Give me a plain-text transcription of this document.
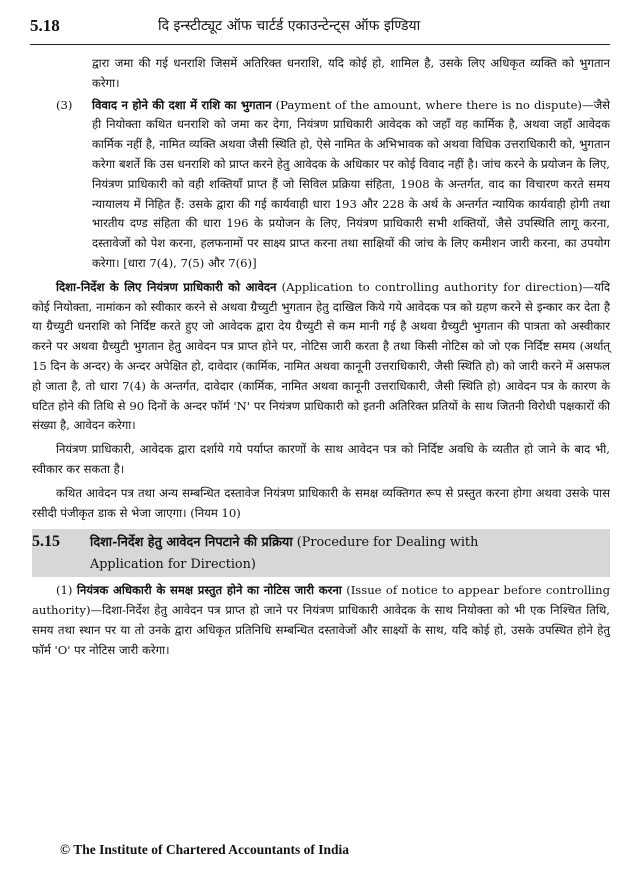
5.18	दि इन्स्टीट्यूट ऑफ चार्टर्ड एकाउन्टेन्ट्स ऑफ इण्डिया

द्वारा जमा की गई धनराशि जिसमें अतिरिक्त धनराशि, यदि कोई हो, शामिल है, उसके लिए अधिकृत व्यक्ति को भुगतान करेगा।

(3) विवाद न होने की दशा में राशि का भुगतान (Payment of the amount, where there is no dispute)—जैसे ही नियोक्ता कथित धनराशि को जमा कर देगा, नियंत्रण प्राधिकारी आवेदक को जहाँ वह कार्मिक है, अथवा जहाँ आवेदक कार्मिक नहीं है, नामित व्यक्ति अथवा जैसी स्थिति हो, ऐसे नामित के अभिभावक को अथवा विधिक उत्तराधिकारी को, भुगतान करेगा बशर्ते कि उस धनराशि को प्राप्त करने हेतु आवेदक के अधिकार पर कोई विवाद नहीं है। जांच करने के प्रयोजन के लिए, नियंत्रण प्राधिकारी को वही शक्तियाँ प्राप्त हैं जो सिविल प्रक्रिया संहिता, 1908 के अन्तर्गत, वाद का विचारण करते समय न्यायालय में निहित हैं: उसके द्वारा की गई कार्यवाही धारा 193 और 228 के अर्थ के अन्तर्गत न्यायिक कार्यवाही होगी तथा भारतीय दण्ड संहिता की धारा 196 के प्रयोजन के लिए, नियंत्रण प्राधिकारी सभी शक्तियों, जैसे उपस्थिति लागू करना, दस्तावेजों को पेश करना, हलफनामों पर साक्ष्य प्राप्त करना तथा साक्षियों की जांच के लिए कमीशन जारी करना, का उपयोग करेगा। [धारा 7(4), 7(5) और 7(6)]

दिशा-निर्देश के लिए नियंत्रण प्राधिकारी को आवेदन (Application to controlling authority for direction)—यदि कोई नियोक्ता, नामांकन को स्वीकार करने से अथवा ग्रैच्युटी भुगतान हेतु दाखिल किये गये आवेदक पत्र को ग्रहण करने से इन्कार कर देता है या ग्रैच्युटी धनराशि को निर्दिष्ट करते हुए जो आवेदक द्वारा देय ग्रैच्युटी से कम मानी गई है अथवा ग्रैच्युटी भुगतान की पात्रता को अस्वीकार करने पर अथवा ग्रैच्युटी भुगतान हेतु आवेदन पत्र प्राप्त होने पर, नोटिस जारी करता है तथा किसी नोटिस को जो एक निर्दिष्ट समय (अर्थात् 15 दिन के अन्दर) के अन्दर अपेक्षित हो, दावेदार (कार्मिक, नामित अथवा कानूनी उत्तराधिकारी, जैसी स्थिति हो) को जारी करने में असफल हो जाता है, तो धारा 7(4) के अन्तर्गत, दावेदार (कार्मिक, नामित अथवा कानूनी उत्तराधिकारी, जैसी स्थिति हो) आवेदन पत्र के कारण के घटित होने की तिथि से 90 दिनों के अन्दर फॉर्म 'N' पर नियंत्रण प्राधिकारी को इतनी अतिरिक्त प्रतियों के साथ जितनी विरोधी पक्षकारों की संख्या है, आवेदन करेगा।

नियंत्रण प्राधिकारी, आवेदक द्वारा दर्शाये गये पर्याप्त कारणों के साथ आवेदन पत्र को निर्दिष्ट अवधि के व्यतीत हो जाने के बाद भी, स्वीकार कर सकता है।

कथित आवेदन पत्र तथा अन्य सम्बन्धित दस्तावेज नियंत्रण प्राधिकारी के समक्ष व्यक्तिगत रूप से प्रस्तुत करना होगा अथवा उसके पास रसीदी पंजीकृत डाक से भेजा जाएगा। (नियम 10)

5.15 दिशा-निर्देश हेतु आवेदन निपटाने की प्रक्रिया (Procedure for Dealing with
Application for Direction)

(1) नियंत्रक अधिकारी के समक्ष प्रस्तुत होने का नोटिस जारी करना (Issue of notice to appear before controlling authority)—दिशा-निर्देश हेतु आवेदन पत्र प्राप्त हो जाने पर नियंत्रण प्राधिकारी आवेदक के साथ नियोक्ता को भी एक निश्चित तिथि, समय तथा स्थान पर या तो उनके द्वारा अधिकृत प्रतिनिधि सम्बन्धित दस्तावेजों और साक्ष्यों के साथ, यदि कोई हो, उसके उपस्थित होने हेतु फॉर्म 'O' पर नोटिस जारी करेगा।

© The Institute of Chartered Accountants of India
